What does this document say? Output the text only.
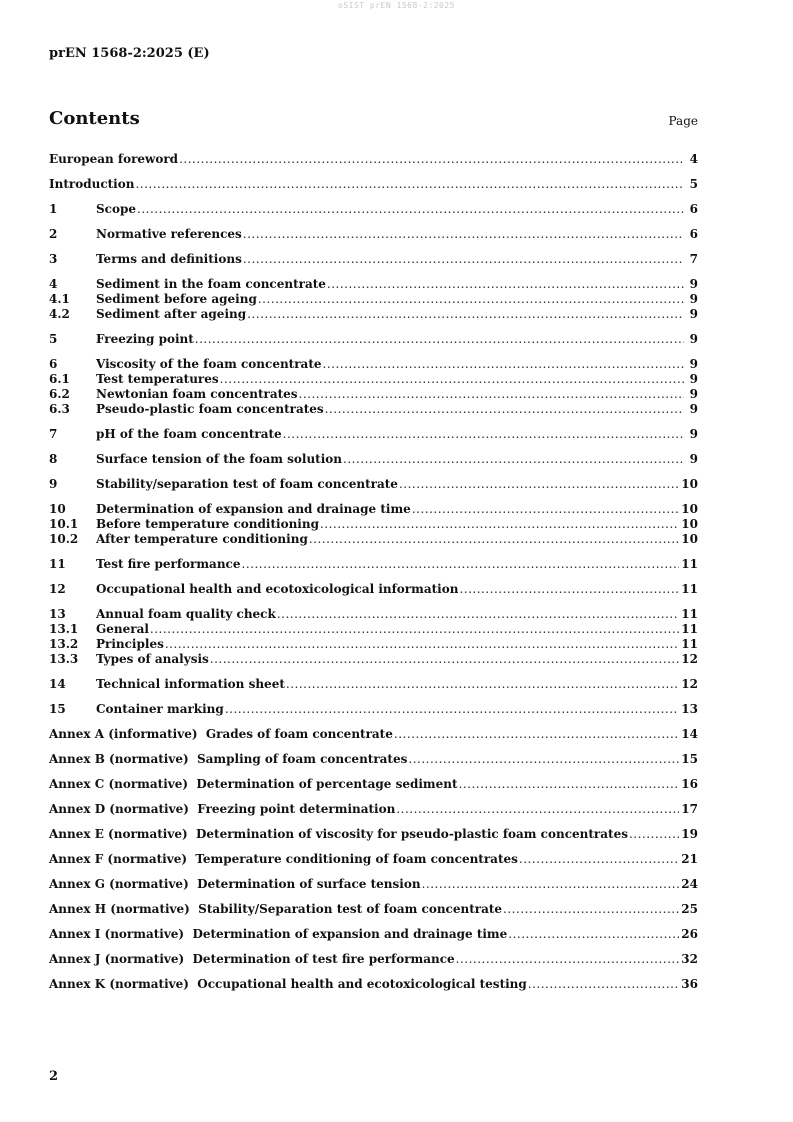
oSIST prEN 1568-2:2025
prEN 1568-2:2025 (E)
Contents	Page
European foreword .....	4
Introduction .....	5
1	Scope .....	6
2	Normative references .....	6
3	Terms and definitions .....	7
4	Sediment in the foam concentrate .....	9
4.1	Sediment before ageing .....	9
4.2	Sediment after ageing .....	9
5	Freezing point .....	9
6	Viscosity of the foam concentrate .....	9
6.1	Test temperatures .....	9
6.2	Newtonian foam concentrates .....	9
6.3	Pseudo-plastic foam concentrates .....	9
7	pH of the foam concentrate .....	9
8	Surface tension of the foam solution .....	9
9	Stability/separation test of foam concentrate .....	10
10	Determination of expansion and drainage time .....	10
10.1	Before temperature conditioning .....	10
10.2	After temperature conditioning .....	10
11	Test fire performance .....	11
12	Occupational health and ecotoxicological information .....	11
13	Annual foam quality check .....	11
13.1	General .....	11
13.2	Principles .....	11
13.3	Types of analysis .....	12
14	Technical information sheet .....	12
15	Container marking .....	13
Annex A (informative)  Grades of foam concentrate .....	14
Annex B (normative)  Sampling of foam concentrates .....	15
Annex C (normative)  Determination of percentage sediment .....	16
Annex D (normative)  Freezing point determination .....	17
Annex E (normative)  Determination of viscosity for pseudo-plastic foam concentrates .....	19
Annex F (normative)  Temperature conditioning of foam concentrates .....	21
Annex G (normative)  Determination of surface tension .....	24
Annex H (normative)  Stability/Separation test of foam concentrate .....	25
Annex I (normative)  Determination of expansion and drainage time .....	26
Annex J (normative)  Determination of test fire performance .....	32
Annex K (normative)  Occupational health and ecotoxicological testing .....	36
2
